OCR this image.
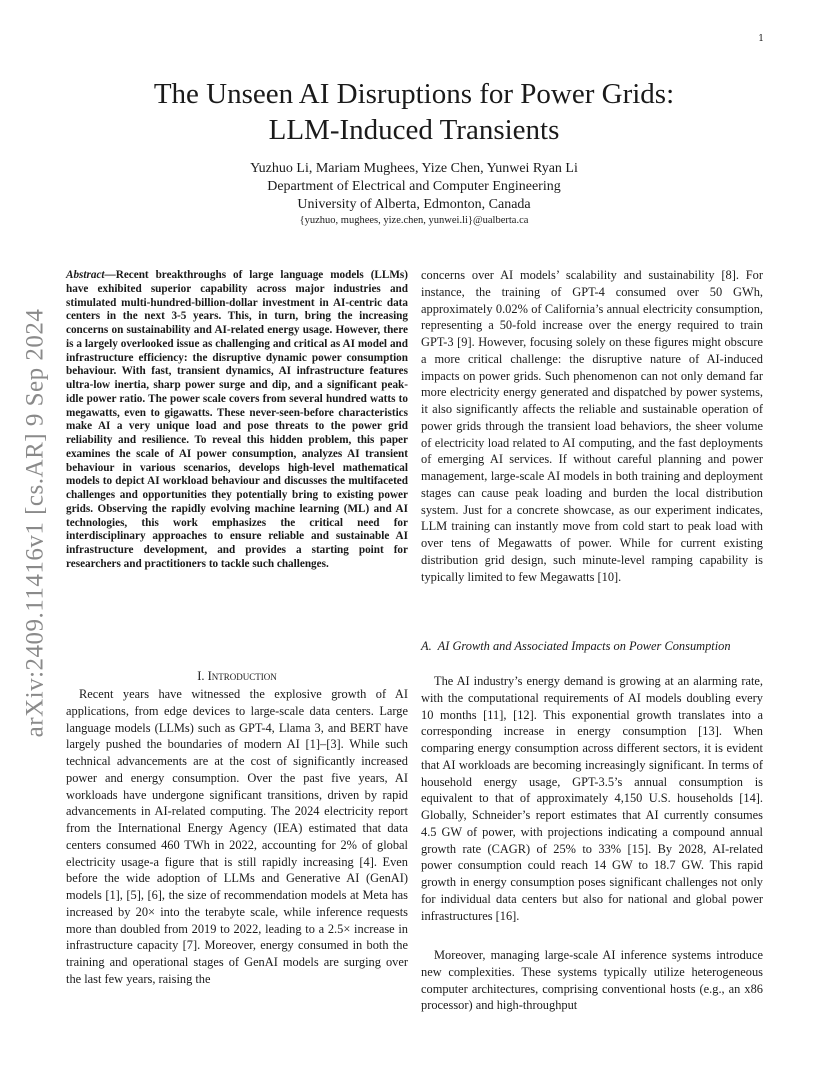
1
arXiv:2409.11416v1 [cs.AR] 9 Sep 2024
The Unseen AI Disruptions for Power Grids:
LLM-Induced Transients
Yuzhuo Li, Mariam Mughees, Yize Chen, Yunwei Ryan Li
Department of Electrical and Computer Engineering
University of Alberta, Edmonton, Canada
{yuzhuo, mughees, yize.chen, yunwei.li}@ualberta.ca

Abstract—Recent breakthroughs of large language models (LLMs) have exhibited superior capability across major industries and stimulated multi-hundred-billion-dollar investment in AI-centric data centers in the next 3-5 years. This, in turn, bring the increasing concerns on sustainability and AI-related energy usage. However, there is a largely overlooked issue as challenging and critical as AI model and infrastructure efficiency: the disruptive dynamic power consumption behaviour. With fast, transient dynamics, AI infrastructure features ultra-low inertia, sharp power surge and dip, and a significant peak-idle power ratio. The power scale covers from several hundred watts to megawatts, even to gigawatts. These never-seen-before characteristics make AI a very unique load and pose threats to the power grid reliability and resilience. To reveal this hidden problem, this paper examines the scale of AI power consumption, analyzes AI transient behaviour in various scenarios, develops high-level mathematical models to depict AI workload behaviour and discusses the multifaceted challenges and opportunities they potentially bring to existing power grids. Observing the rapidly evolving machine learning (ML) and AI technologies, this work emphasizes the critical need for interdisciplinary approaches to ensure reliable and sustainable AI infrastructure development, and provides a starting point for researchers and practitioners to tackle such challenges.

I. Introduction

Recent years have witnessed the explosive growth of AI applications, from edge devices to large-scale data centers. Large language models (LLMs) such as GPT-4, Llama 3, and BERT have largely pushed the boundaries of modern AI [1]–[3]. While such technical advancements are at the cost of significantly increased power and energy consumption. Over the past five years, AI workloads have undergone significant transitions, driven by rapid advancements in AI-related computing. The 2024 electricity report from the International Energy Agency (IEA) estimated that data centers consumed 460 TWh in 2022, accounting for 2% of global electricity usage-a figure that is still rapidly increasing [4]. Even before the wide adoption of LLMs and Generative AI (GenAI) models [1], [5], [6], the size of recommendation models at Meta has increased by 20× into the terabyte scale, while inference requests more than doubled from 2019 to 2022, leading to a 2.5× increase in infrastructure capacity [7]. Moreover, energy consumed in both the training and operational stages of GenAI models are surging over the last few years, raising the

concerns over AI models’ scalability and sustainability [8]. For instance, the training of GPT-4 consumed over 50 GWh, approximately 0.02% of California’s annual electricity consumption, representing a 50-fold increase over the energy required to train GPT-3 [9]. However, focusing solely on these figures might obscure a more critical challenge: the disruptive nature of AI-induced impacts on power grids. Such phenomenon can not only demand far more electricity energy generated and dispatched by power systems, it also significantly affects the reliable and sustainable operation of power grids through the transient load behaviors, the sheer volume of electricity load related to AI computing, and the fast deployments of emerging AI services. If without careful planning and power management, large-scale AI models in both training and deployment stages can cause peak loading and burden the local distribution system. Just for a concrete showcase, as our experiment indicates, LLM training can instantly move from cold start to peak load with over tens of Megawatts of power. While for current existing distribution grid design, such minute-level ramping capability is typically limited to few Megawatts [10].

A. AI Growth and Associated Impacts on Power Consumption

The AI industry’s energy demand is growing at an alarming rate, with the computational requirements of AI models doubling every 10 months [11], [12]. This exponential growth translates into a corresponding increase in energy consumption [13]. When comparing energy consumption across different sectors, it is evident that AI workloads are becoming increasingly significant. In terms of household energy usage, GPT-3.5’s annual consumption is equivalent to that of approximately 4,150 U.S. households [14]. Globally, Schneider’s report estimates that AI currently consumes 4.5 GW of power, with projections indicating a compound annual growth rate (CAGR) of 25% to 33% [15]. By 2028, AI-related power consumption could reach 14 GW to 18.7 GW. This rapid growth in energy consumption poses significant challenges not only for individual data centers but also for national and global power infrastructures [16].

Moreover, managing large-scale AI inference systems introduce new complexities. These systems typically utilize heterogeneous computer architectures, comprising conventional hosts (e.g., an x86 processor) and high-throughput
